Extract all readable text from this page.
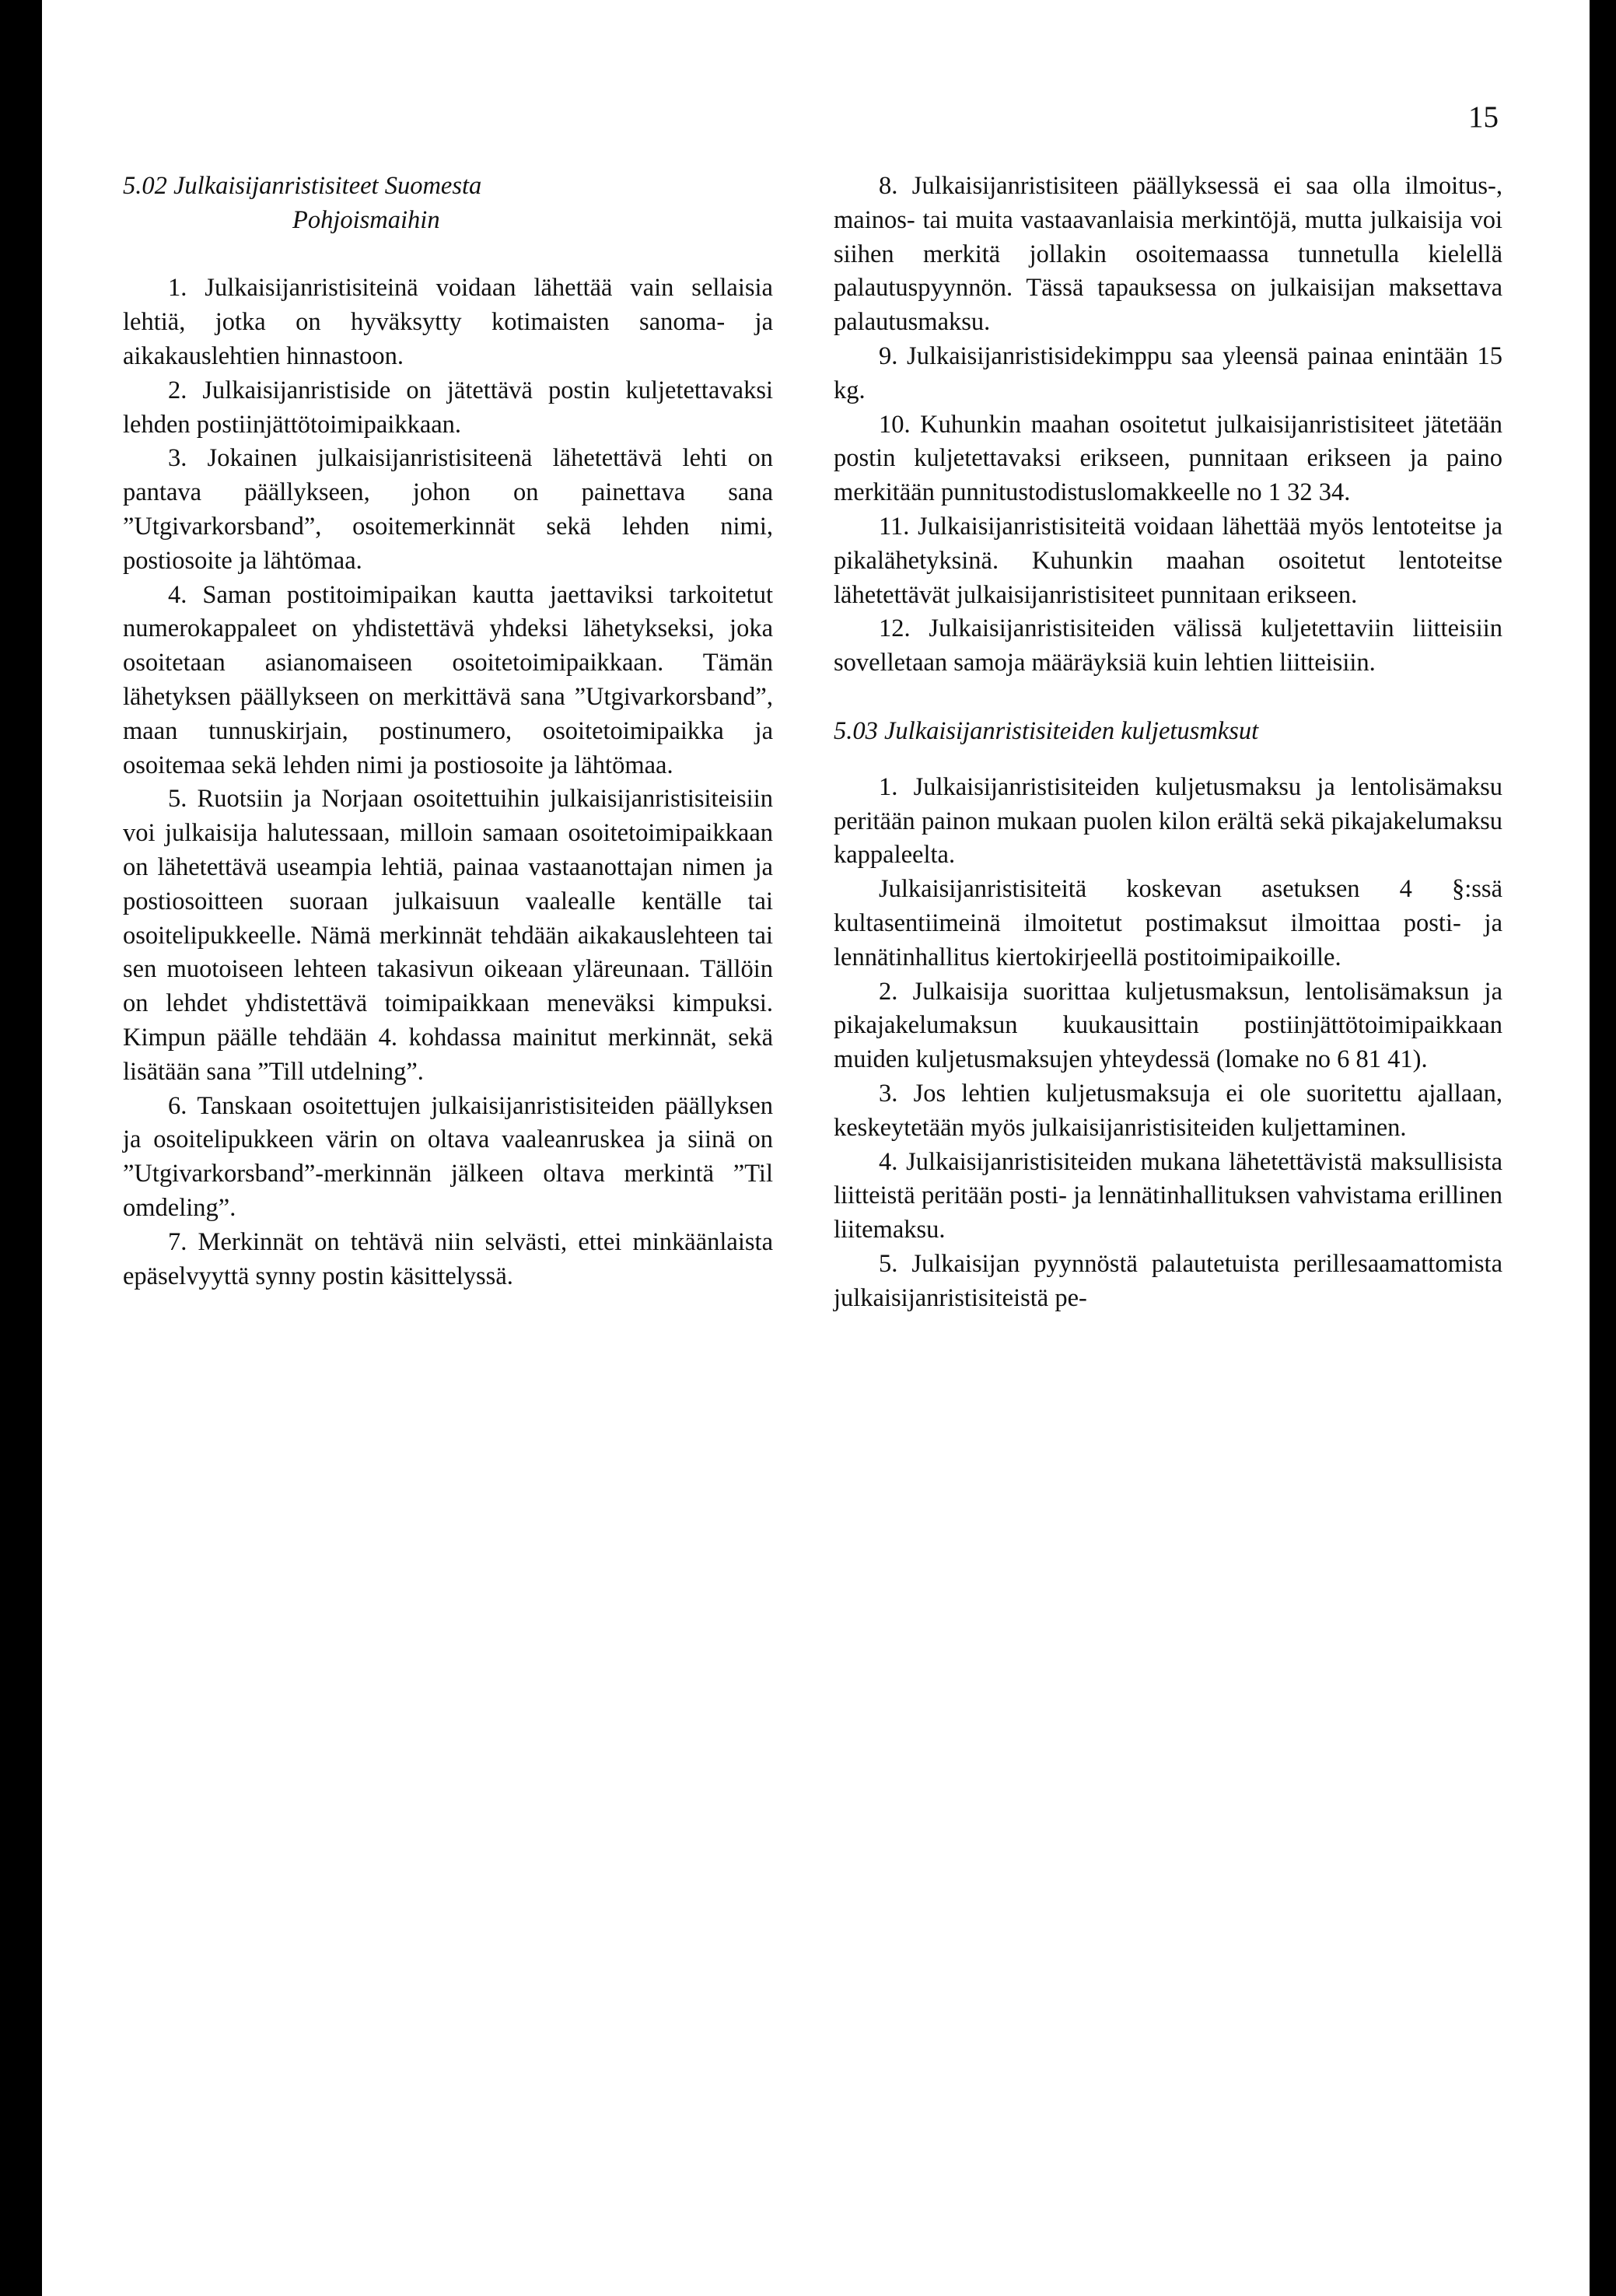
15
5.02 Julkaisijanristisiteet Suomesta
Pohjoismaihin

1. Julkaisijanristisiteinä voidaan lähettää vain sellaisia lehtiä, jotka on hyväksytty kotimaisten sanoma- ja aikakauslehtien hinnastoon.

2. Julkaisijanristiside on jätettävä postin kuljetettavaksi lehden postiinjättötoimipaikkaan.

3. Jokainen julkaisijanristisiteenä lähetettävä lehti on pantava päällykseen, johon on painettava sana ”Utgivarkorsband”, osoitemerkinnät sekä lehden nimi, postiosoite ja lähtömaa.

4. Saman postitoimipaikan kautta jaettaviksi tarkoitetut numerokappaleet on yhdistettävä yhdeksi lähetykseksi, joka osoitetaan asianomaiseen osoitetoimipaikkaan. Tämän lähetyksen päällykseen on merkittävä sana ”Utgivarkorsband”, maan tunnuskirjain, postinumero, osoitetoimipaikka ja osoitemaa sekä lehden nimi ja postiosoite ja lähtömaa.

5. Ruotsiin ja Norjaan osoitettuihin julkaisijanristisiteisiin voi julkaisija halutessaan, milloin samaan osoitetoimipaikkaan on lähetettävä useampia lehtiä, painaa vastaanottajan nimen ja postiosoitteen suoraan julkaisuun vaalealle kentälle tai osoitelipukkeelle. Nämä merkinnät tehdään aikakauslehteen tai sen muotoiseen lehteen takasivun oikeaan yläreunaan. Tällöin on lehdet yhdistettävä toimipaikkaan meneväksi kimpuksi. Kimpun päälle tehdään 4. kohdassa mainitut merkinnät, sekä lisätään sana ”Till utdelning”.

6. Tanskaan osoitettujen julkaisijanristisiteiden päällyksen ja osoitelipukkeen värin on oltava vaaleanruskea ja siinä on ”Utgivarkorsband”-merkinnän jälkeen oltava merkintä ”Til omdeling”.

7. Merkinnät on tehtävä niin selvästi, ettei minkäänlaista epäselvyyttä synny postin käsittelyssä.

8. Julkaisijanristisiteen päällyksessä ei saa olla ilmoitus-, mainos- tai muita vastaavanlaisia merkintöjä, mutta julkaisija voi siihen merkitä jollakin osoitemaassa tunnetulla kielellä palautuspyynnön. Tässä tapauksessa on julkaisijan maksettava palautusmaksu.

9. Julkaisijanristisidekimppu saa yleensä painaa enintään 15 kg.

10. Kuhunkin maahan osoitetut julkaisijanristisiteet jätetään postin kuljetettavaksi erikseen, punnitaan erikseen ja paino merkitään punnitustodistuslomakkeelle no 1 32 34.

11. Julkaisijanristisiteitä voidaan lähettää myös lentoteitse ja pikalähetyksinä. Kuhunkin maahan osoitetut lentoteitse lähetettävät julkaisijanristisiteet punnitaan erikseen.

12. Julkaisijanristisiteiden välissä kuljetettaviin liitteisiin sovelletaan samoja määräyksiä kuin lehtien liitteisiin.

5.03 Julkaisijanristisiteiden kuljetusmksut

1. Julkaisijanristisiteiden kuljetusmaksu ja lentolisämaksu peritään painon mukaan puolen kilon erältä sekä pikajakelumaksu kappaleelta.

Julkaisijanristisiteitä koskevan asetuksen 4 §:ssä kultasentiimeinä ilmoitetut postimaksut ilmoittaa posti- ja lennätinhallitus kiertokirjeellä postitoimipaikoille.

2. Julkaisija suorittaa kuljetusmaksun, lentolisämaksun ja pikajakelumaksun kuukausittain postiinjättötoimipaikkaan muiden kuljetusmaksujen yhteydessä (lomake no 6 81 41).

3. Jos lehtien kuljetusmaksuja ei ole suoritettu ajallaan, keskeytetään myös julkaisijanristisiteiden kuljettaminen.

4. Julkaisijanristisiteiden mukana lähetettävistä maksullisista liitteistä peritään posti- ja lennätinhallituksen vahvistama erillinen liitemaksu.

5. Julkaisijan pyynnöstä palautetuista perillesaamattomista julkaisijanristisiteistä pe-
